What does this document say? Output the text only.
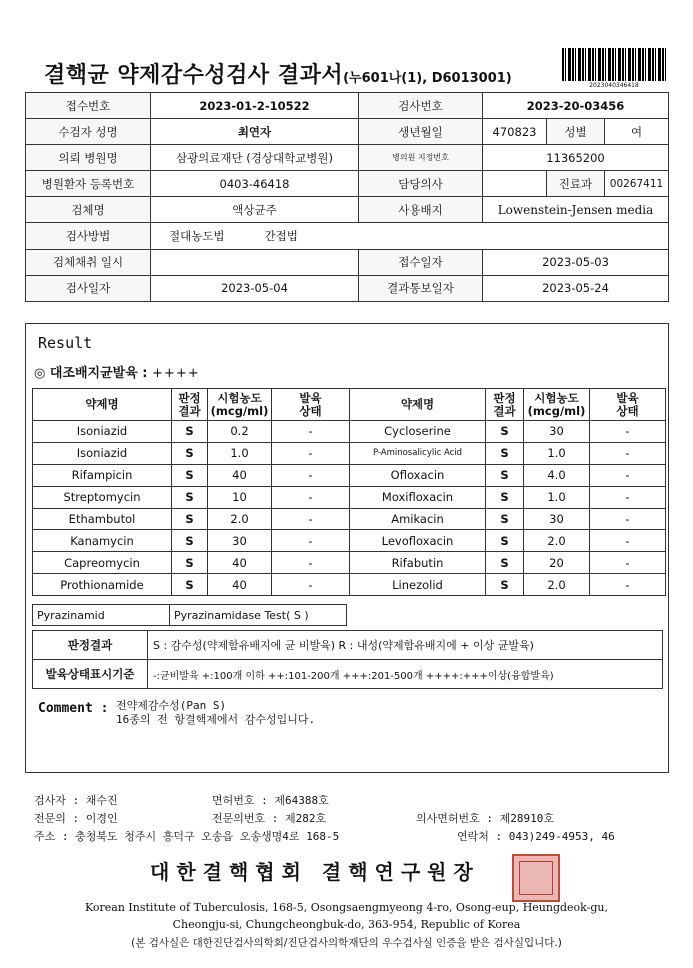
결핵균 약제감수성검사 결과서(누601나(1), D6013001)	2023040346418
접수번호	2023-01-2-10522	검사번호	2023-20-03456		
수검자 성명	최연자	생년월일	470823	성별	여
의뢰 병원명	삼광의료재단 (경상대학교병원)	병의원 지정번호	11365200		
병원환자 등록번호	0403-46418	담당의사		진료과	00267411
검체명	액상균주	사용배지	Lowenstein-Jensen media		
검사방법	절대농도법 간접법				
검체채취 일시		접수일자	2023-05-03		
검사일자	2023-05-04	결과통보일자	2023-05-24		
Result
◎ 대조배지균발육 : ++++
약제명	판정 결과	시험농도 (mcg/ml)	발육 상태	약제명	판정 결과	시험농도 (mcg/ml)	발육 상태
Isoniazid	S	0.2	-	Cycloserine	S	30	-
Isoniazid	S	1.0	-	P-Aminosalicylic Acid	S	1.0	-
Rifampicin	S	40	-	Ofloxacin	S	4.0	-
Streptomycin	S	10	-	Moxifloxacin	S	1.0	-
Ethambutol	S	2.0	-	Amikacin	S	30	-
Kanamycin	S	30	-	Levofloxacin	S	2.0	-
Capreomycin	S	40	-	Rifabutin	S	20	-
Prothionamide	S	40	-	Linezolid	S	2.0	-
Pyrazinamid	Pyrazinamidase Test( S )
판정결과	S : 감수성(약제함유배지에 균 비발육) R : 내성(약제함유배지에 + 이상 균발육)
발육상태표시기준	-:균비발육 +:100개 이하 ++:101-200개 +++:201-500개 ++++:+++이상(융합발육)
Comment : 전약제감수성(Pan S)
16종의 전 항결핵제에서 감수성입니다.
검사자 : 채수진	면허번호 : 제64388호
전문의 : 이경인	전문의번호 : 제282호	의사면허번호 : 제28910호
주소 : 충청북도 청주시 흥덕구 오송읍 오송생명4로 168-5	연락처 : 043)249-4953, 46
대한결핵협회 결핵연구원장
Korean Institute of Tuberculosis, 168-5, Osongsaengmyeong 4-ro, Osong-eup, Heungdeok-gu,
Cheongju-si, Chungcheongbuk-do, 363-954, Republic of Korea
(본 검사실은 대한진단검사의학회/진단검사의학재단의 우수검사실 인증을 받은 검사실입니다.)
